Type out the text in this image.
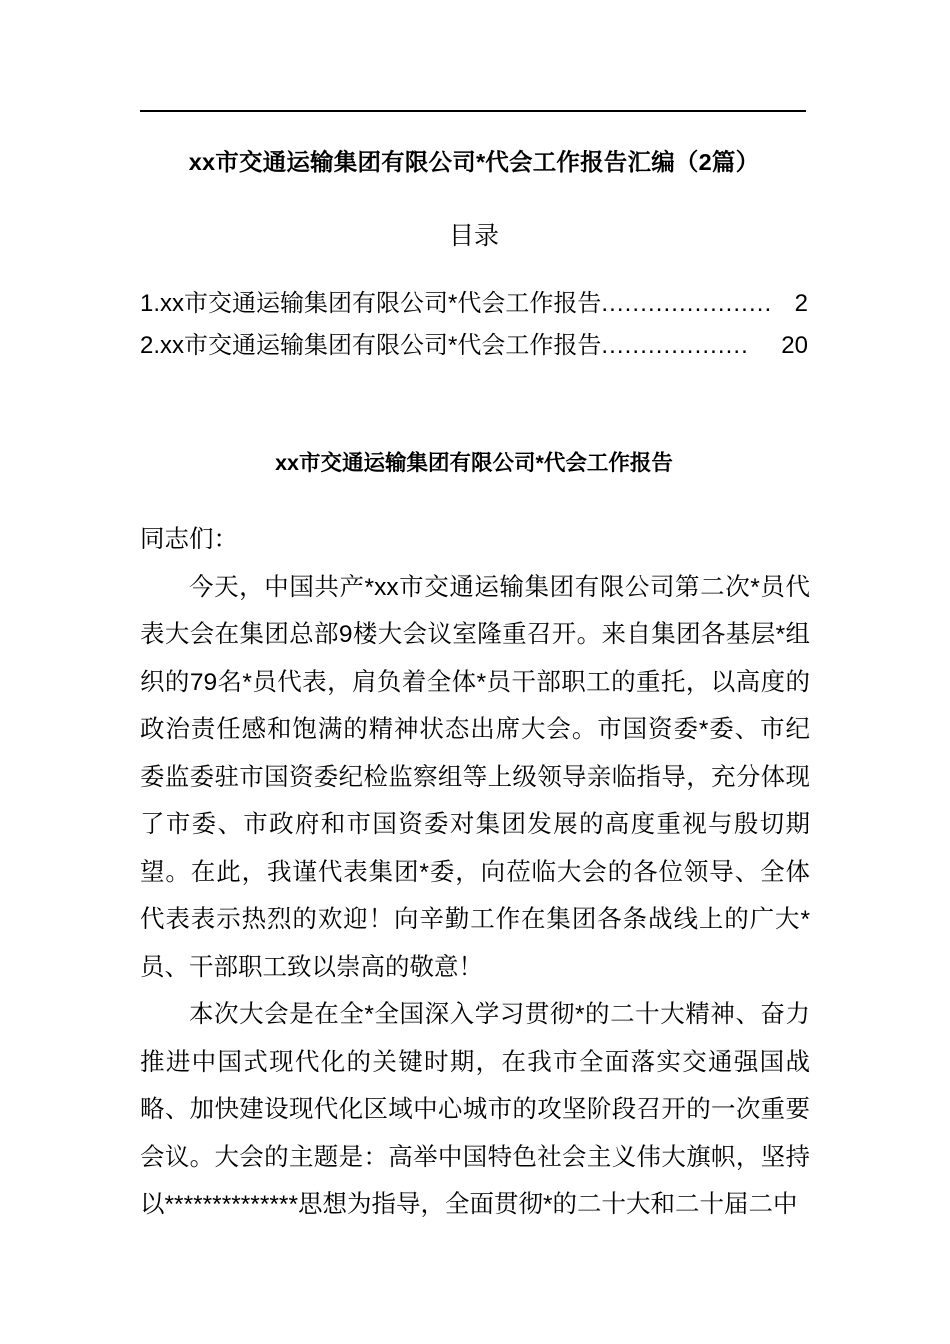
xx市交通运输集团有限公司*代会工作报告汇编（2篇）
目录
1.xx市交通运输集团有限公司*代会工作报告 ...................... 2
2.xx市交通运输集团有限公司*代会工作报告 ...................	20
xx市交通运输集团有限公司*代会工作报告

同志们：

今天，中国共产*xx市交通运输集团有限公司第二次*员代表大会在集团总部9楼大会议室隆重召开。来自集团各基层*组织的79名*员代表，肩负着全体*员干部职工的重托，以高度的政治责任感和饱满的精神状态出席大会。市国资委*委、市纪委监委驻市国资委纪检监察组等上级领导亲临指导，充分体现了市委、市政府和市国资委对集团发展的高度重视与殷切期望。在此，我谨代表集团*委，向莅临大会的各位领导、全体代表表示热烈的欢迎！向辛勤工作在集团各条战线上的广大*员、干部职工致以崇高的敬意！

本次大会是在全*全国深入学习贯彻*的二十大精神、奋力推进中国式现代化的关键时期，在我市全面落实交通强国战略、加快建设现代化区域中心城市的攻坚阶段召开的一次重要会议。大会的主题是：高举中国特色社会主义伟大旗帜，坚持以**************思想为指导，全面贯彻*的二十大和二十届二中
